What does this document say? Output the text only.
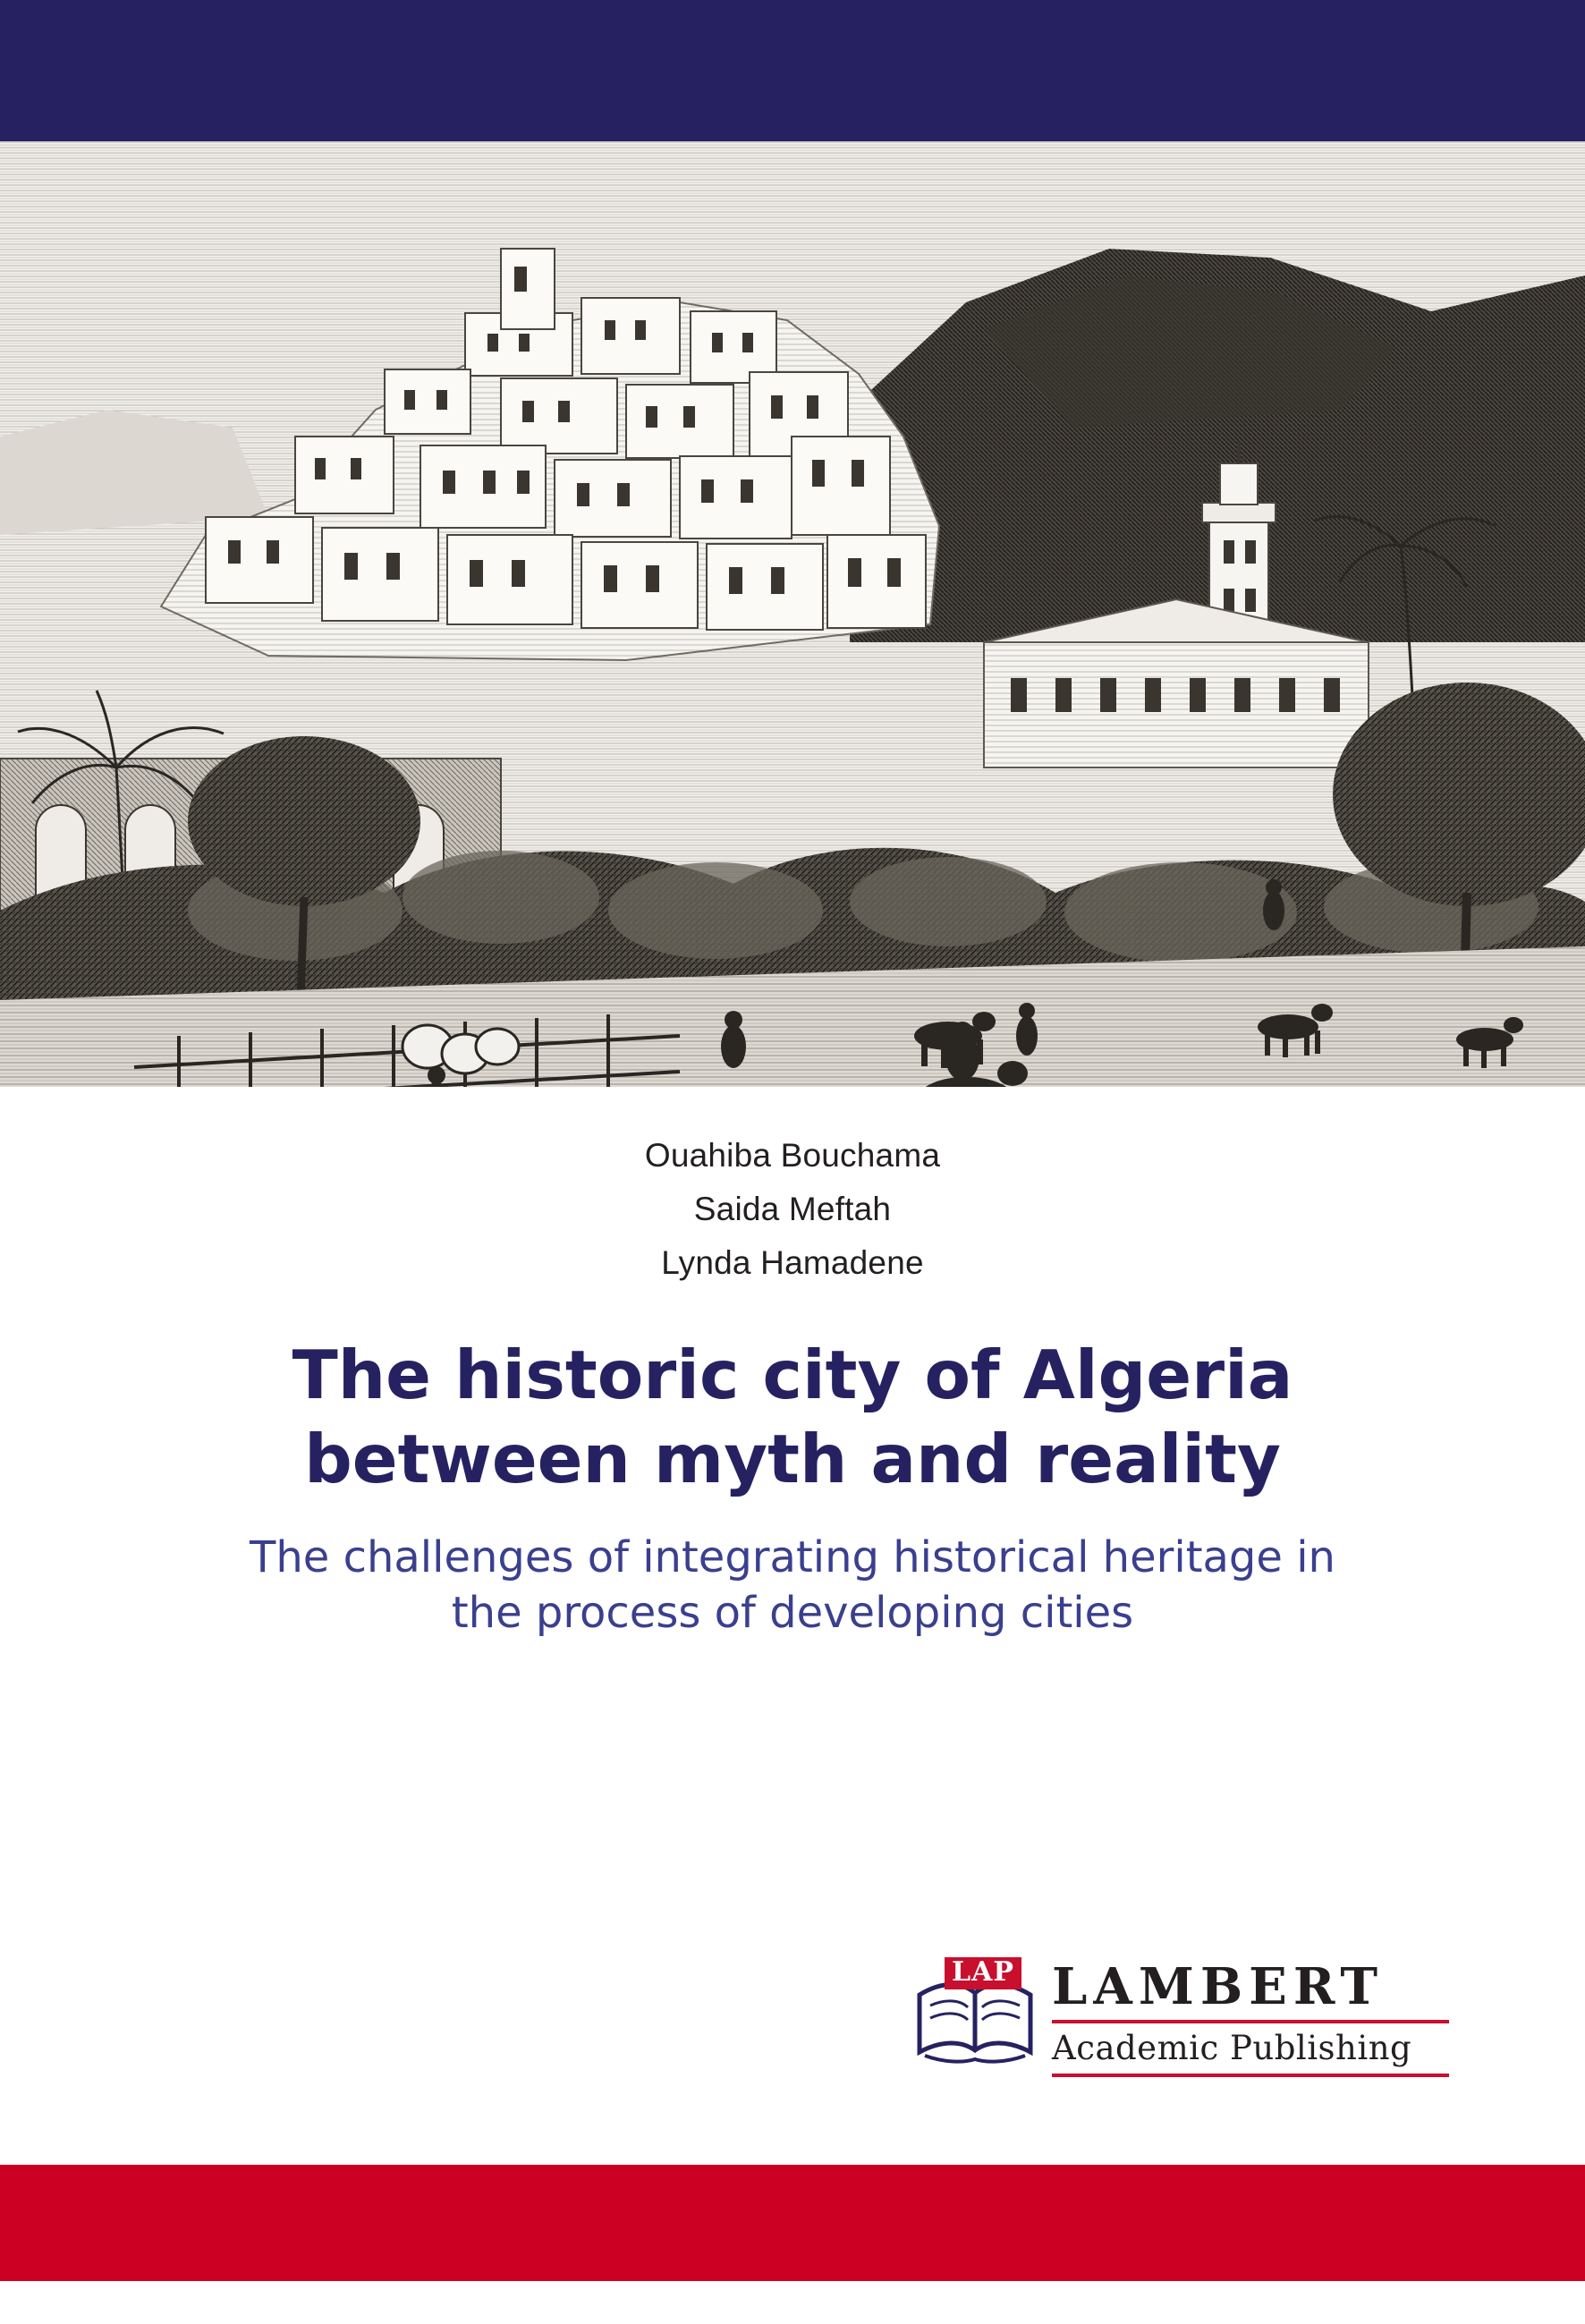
Ouahiba Bouchama
Saida Meftah
Lynda Hamadene
The historic city of Algeria
between myth and reality
The challenges of integrating historical heritage in
the process of developing cities
LAP LAMBERT
Academic Publishing
